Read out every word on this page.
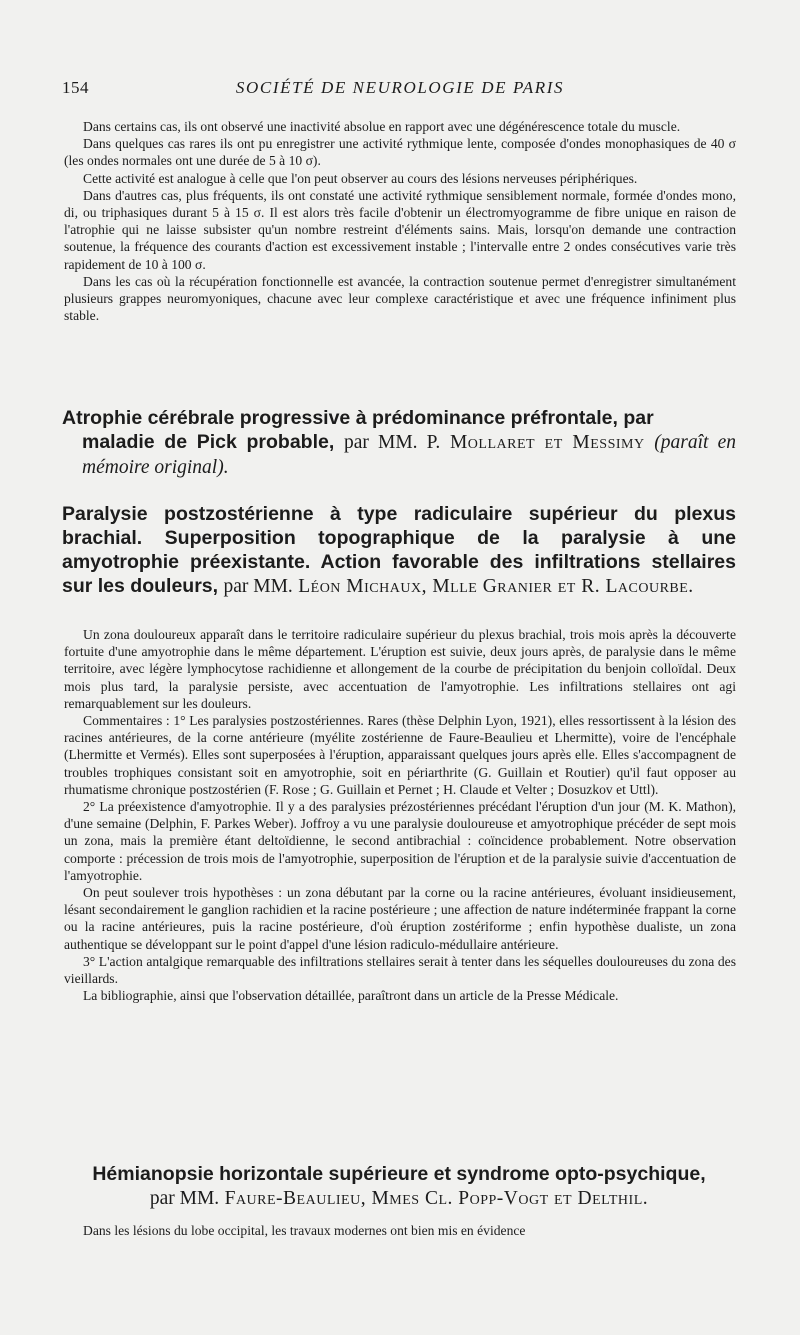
154	SOCIÉTÉ DE NEUROLOGIE DE PARIS

Dans certains cas, ils ont observé une inactivité absolue en rapport avec une dégénérescence totale du muscle.

Dans quelques cas rares ils ont pu enregistrer une activité rythmique lente, composée d'ondes monophasiques de 40 σ (les ondes normales ont une durée de 5 à 10 σ).

Cette activité est analogue à celle que l'on peut observer au cours des lésions nerveuses périphériques.

Dans d'autres cas, plus fréquents, ils ont constaté une activité rythmique sensiblement normale, formée d'ondes mono, di, ou triphasiques durant 5 à 15 σ. Il est alors très facile d'obtenir un électromyogramme de fibre unique en raison de l'atrophie qui ne laisse subsister qu'un nombre restreint d'éléments sains. Mais, lorsqu'on demande une contraction soutenue, la fréquence des courants d'action est excessivement instable ; l'intervalle entre 2 ondes consécutives varie très rapidement de 10 à 100 σ.

Dans les cas où la récupération fonctionnelle est avancée, la contraction soutenue permet d'enregistrer simultanément plusieurs grappes neuromyoniques, chacune avec leur complexe caractéristique et avec une fréquence infiniment plus stable.

Atrophie cérébrale progressive à prédominance préfrontale, par
maladie de Pick probable, par MM. P. Mollaret et Messimy (paraît en mémoire original).
Paralysie postzostérienne à type radiculaire supérieur du plexus brachial. Superposition topographique de la paralysie à une amyotrophie préexistante. Action favorable des infiltrations stellaires sur les douleurs, par MM. Léon Michaux, Mlle Granier et R. Lacourbe.

Un zona douloureux apparaît dans le territoire radiculaire supérieur du plexus brachial, trois mois après la découverte fortuite d'une amyotrophie dans le même département. L'éruption est suivie, deux jours après, de paralysie dans le même territoire, avec légère lymphocytose rachidienne et allongement de la courbe de précipitation du benjoin colloïdal. Deux mois plus tard, la paralysie persiste, avec accentuation de l'amyotrophie. Les infiltrations stellaires ont agi remarquablement sur les douleurs.

Commentaires : 1° Les paralysies postzostériennes. Rares (thèse Delphin Lyon, 1921), elles ressortissent à la lésion des racines antérieures, de la corne antérieure (myélite zostérienne de Faure-Beaulieu et Lhermitte), voire de l'encéphale (Lhermitte et Vermés). Elles sont superposées à l'éruption, apparaissant quelques jours après elle. Elles s'accompagnent de troubles trophiques consistant soit en amyotrophie, soit en périarthrite (G. Guillain et Routier) qu'il faut opposer au rhumatisme chronique postzostérien (F. Rose ; G. Guillain et Pernet ; H. Claude et Velter ; Dosuzkov et Uttl).

2° La préexistence d'amyotrophie. Il y a des paralysies prézostériennes précédant l'éruption d'un jour (M. K. Mathon), d'une semaine (Delphin, F. Parkes Weber). Joffroy a vu une paralysie douloureuse et amyotrophique précéder de sept mois un zona, mais la première étant deltoïdienne, le second antibrachial : coïncidence probablement. Notre observation comporte : précession de trois mois de l'amyotrophie, superposition de l'éruption et de la paralysie suivie d'accentuation de l'amyotrophie.

On peut soulever trois hypothèses : un zona débutant par la corne ou la racine antérieures, évoluant insidieusement, lésant secondairement le ganglion rachidien et la racine postérieure ; une affection de nature indéterminée frappant la corne ou la racine antérieures, puis la racine postérieure, d'où éruption zostériforme ; enfin hypothèse dualiste, un zona authentique se développant sur le point d'appel d'une lésion radiculo-médullaire antérieure.

3° L'action antalgique remarquable des infiltrations stellaires serait à tenter dans les séquelles douloureuses du zona des vieillards.

La bibliographie, ainsi que l'observation détaillée, paraîtront dans un article de la Presse Médicale.

Hémianopsie horizontale supérieure et syndrome opto-psychique,
par MM. Faure-Beaulieu, Mmes Cl. Popp-Vogt et Delthil.

Dans les lésions du lobe occipital, les travaux modernes ont bien mis en évidence
